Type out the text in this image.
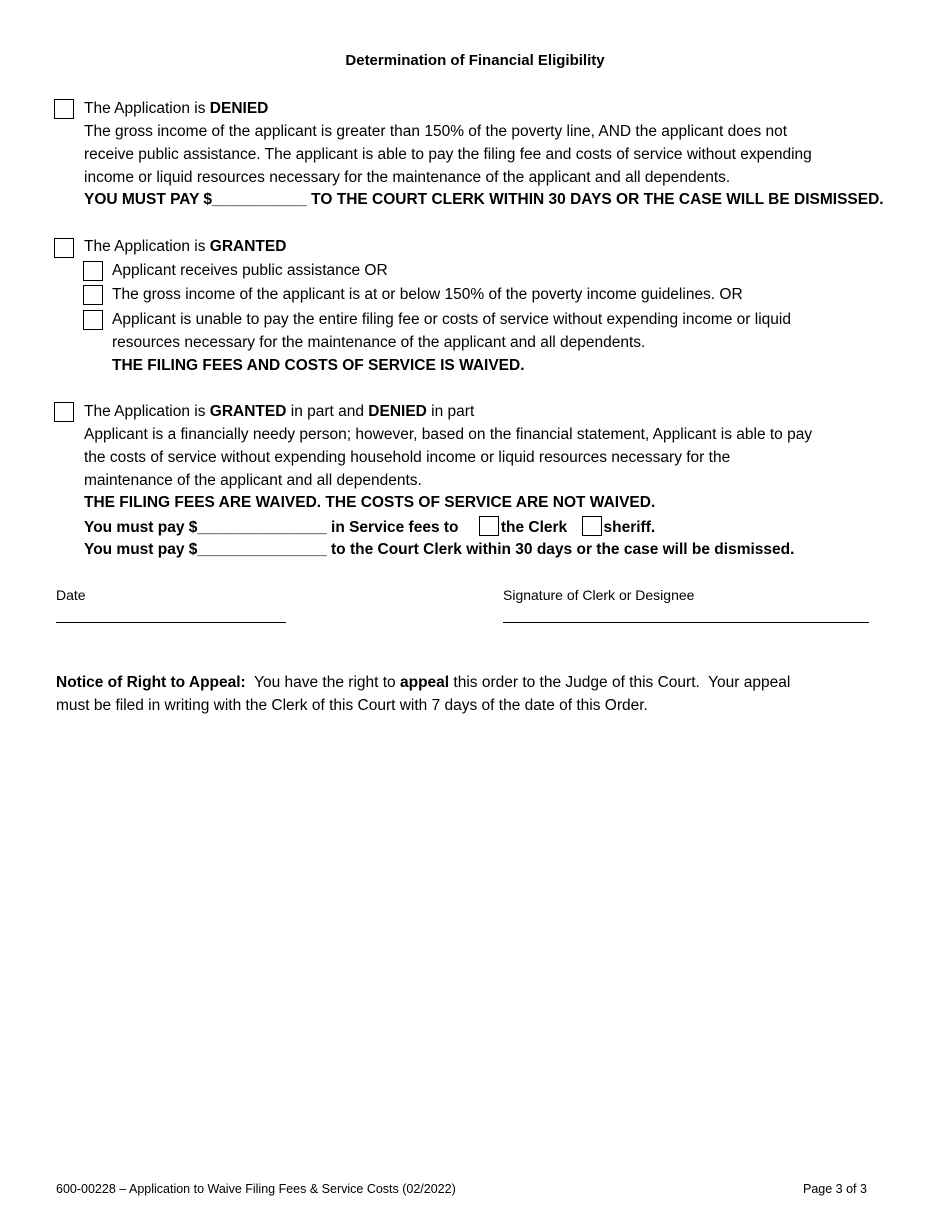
Determination of Financial Eligibility
The Application is DENIED
The gross income of the applicant is greater than 150% of the poverty line, AND the applicant does not
receive public assistance. The applicant is able to pay the filing fee and costs of service without expending
income or liquid resources necessary for the maintenance of the applicant and all dependents.
YOU MUST PAY $___________ TO THE COURT CLERK WITHIN 30 DAYS OR THE CASE WILL BE DISMISSED.
The Application is GRANTED
Applicant receives public assistance OR
The gross income of the applicant is at or below 150% of the poverty income guidelines. OR
Applicant is unable to pay the entire filing fee or costs of service without expending income or liquid
resources necessary for the maintenance of the applicant and all dependents.
THE FILING FEES AND COSTS OF SERVICE IS WAIVED.
The Application is GRANTED in part and DENIED in part
Applicant is a financially needy person; however, based on the financial statement, Applicant is able to pay
the costs of service without expending household income or liquid resources necessary for the
maintenance of the applicant and all dependents.
THE FILING FEES ARE WAIVED. THE COSTS OF SERVICE ARE NOT WAIVED.
You must pay $_______________ in Service fees to	the Clerk sheriff.
You must pay $_______________ to the Court Clerk within 30 days or the case will be dismissed.
Date	Signature of Clerk or Designee
Notice of Right to Appeal:  You have the right to appeal this order to the Judge of this Court.  Your appeal
must be filed in writing with the Clerk of this Court with 7 days of the date of this Order.
600-00228 – Application to Waive Filing Fees & Service Costs (02/2022)	Page 3 of 3
